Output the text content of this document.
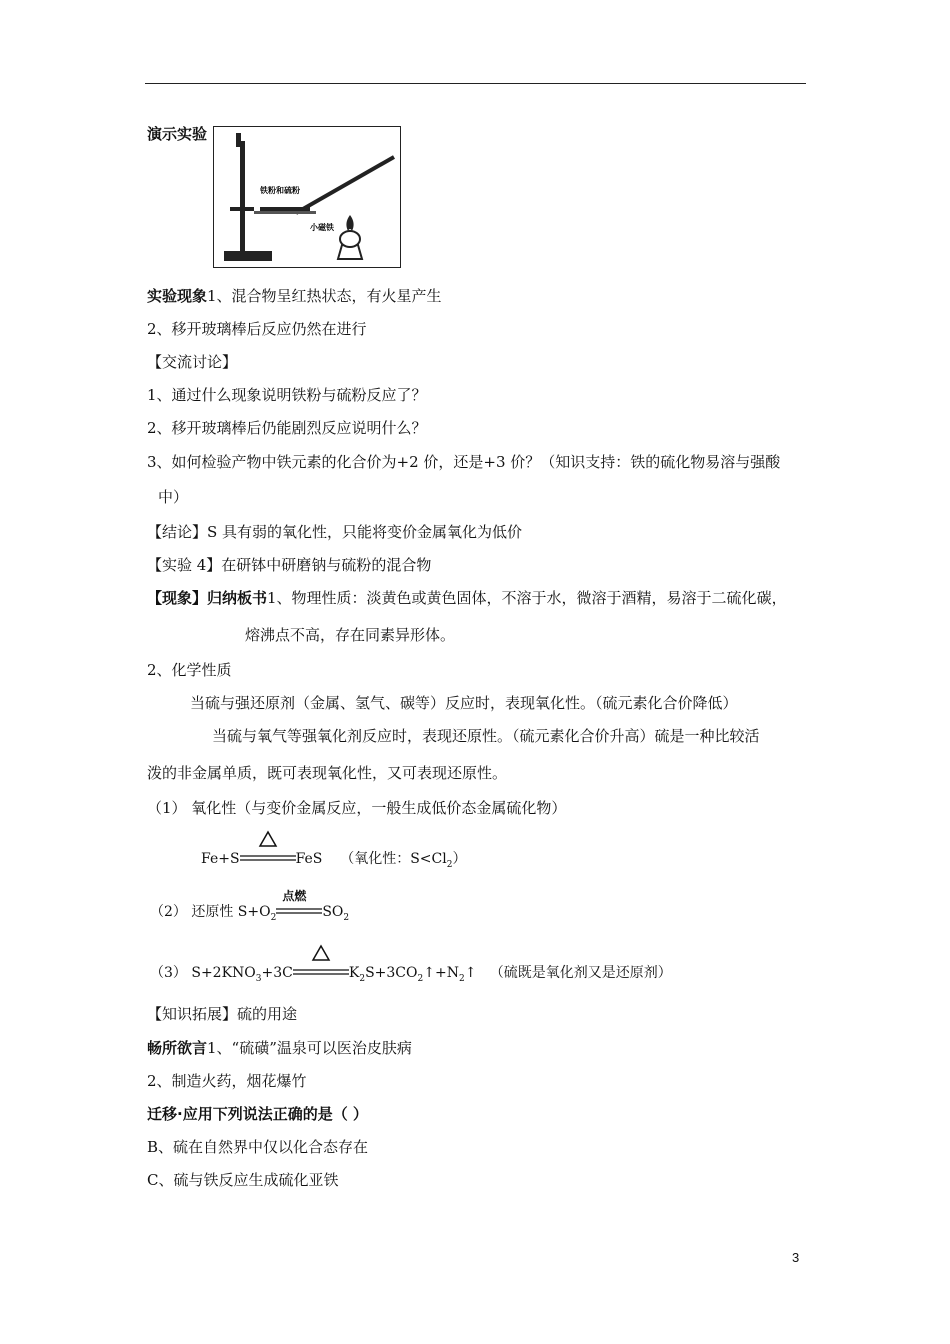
演示实验
铁粉和硫粉
小磁铁
实验现象1、混合物呈红热状态，有火星产生
2、移开玻璃棒后反应仍然在进行
【交流讨论】
1、通过什么现象说明铁粉与硫粉反应了？
2、移开玻璃棒后仍能剧烈反应说明什么？
3、如何检验产物中铁元素的化合价为+2 价，还是+3 价？（知识支持：铁的硫化物易溶与强酸
中）
【结论】S 具有弱的氧化性，只能将变价金属氧化为低价
【实验 4】在研钵中研磨钠与硫粉的混合物
【现象】归纳板书1、物理性质：淡黄色或黄色固体，不溶于水，微溶于酒精，易溶于二硫化碳，
熔沸点不高，存在同素异形体。
2、化学性质
当硫与强还原剂（金属、氢气、碳等）反应时，表现氧化性。（硫元素化合价降低）
当硫与氧气等强氧化剂反应时，表现还原性。（硫元素化合价升高）硫是一种比较活
泼的非金属单质，既可表现氧化性，又可表现还原性。
（1） 氧化性（与变价金属反应，一般生成低价态金属硫化物）
Fe+S	FeS （氧化性：$S<Cl_2$）
（2） 还原性 $S+O_2$
点燃
$SO_2$
（3） $S+2KNO_3+3C$	$K_2S+3CO_2↑+N_2↑$ （硫既是氧化剂又是还原剂）
【知识拓展】硫的用途
畅所欲言1、“硫磺”温泉可以医治皮肤病
2、制造火药，烟花爆竹
迁移·应用下列说法正确的是（ ）
B、硫在自然界中仅以化合态存在
C、硫与铁反应生成硫化亚铁
3
